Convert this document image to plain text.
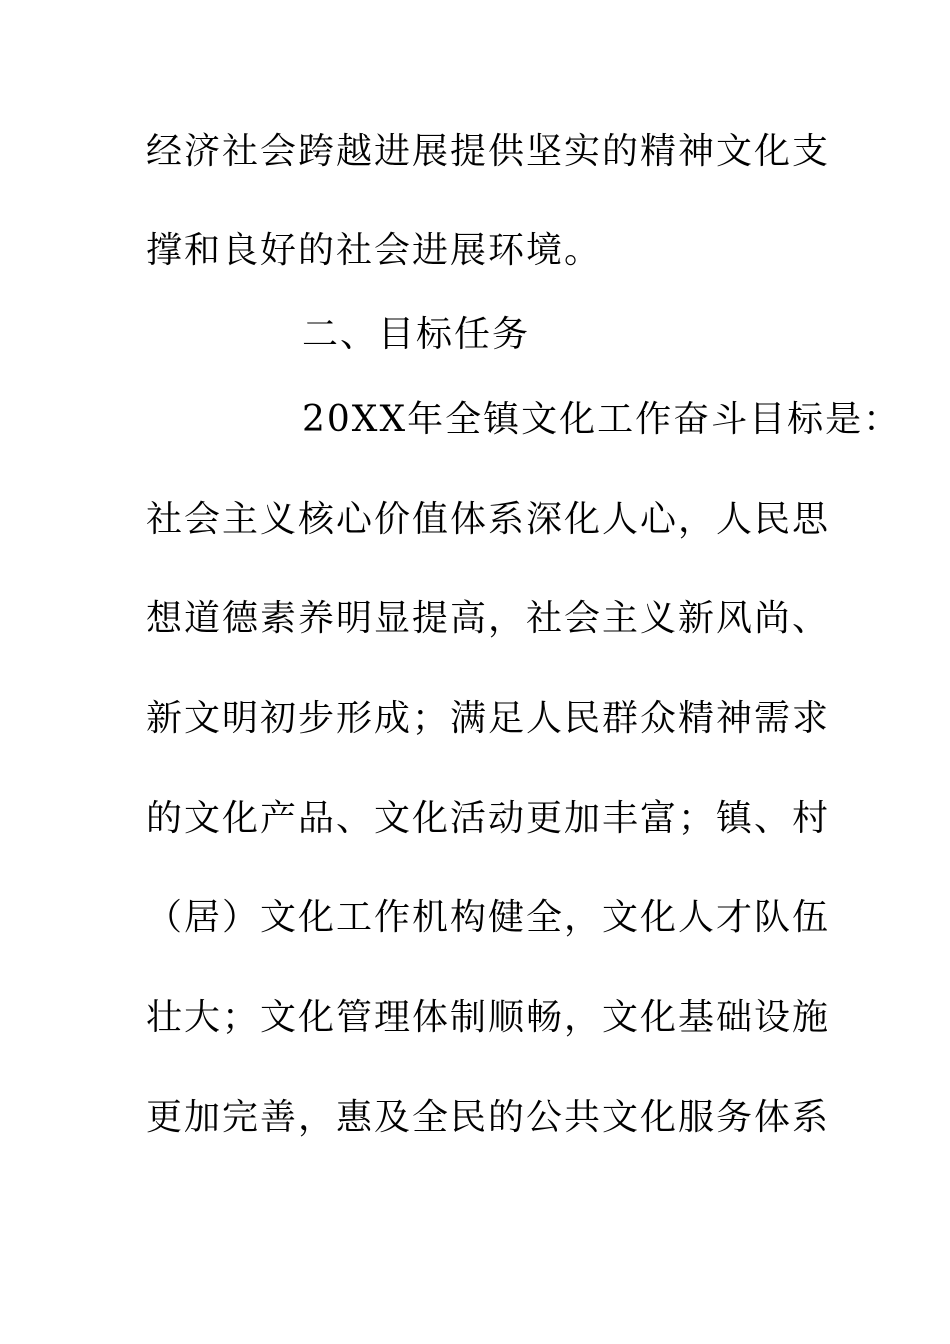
经济社会跨越进展提供坚实的精神文化支
撑和良好的社会进展环境。
二、目标任务
20XX年全镇文化工作奋斗目标是：
社会主义核心价值体系深化人心，人民思
想道德素养明显提高，社会主义新风尚、
新文明初步形成；满足人民群众精神需求
的文化产品、文化活动更加丰富；镇、村
（居）文化工作机构健全，文化人才队伍
壮大；文化管理体制顺畅，文化基础设施
更加完善，惠及全民的公共文化服务体系
